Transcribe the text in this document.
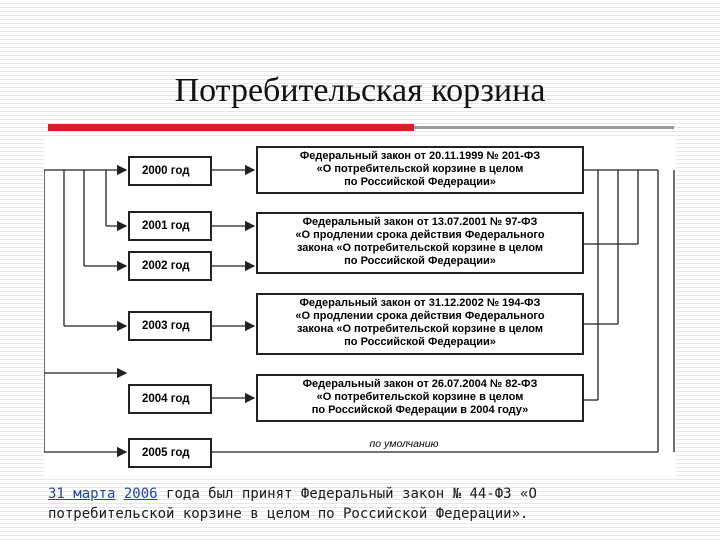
Потребительская корзина
2000 год
2001 год
2002 год
2003 год
2004 год
2005 год
Федеральный закон от 20.11.1999 № 201-ФЗ
«О потребительской корзине в целом
по Российской Федерации»
Федеральный закон от 13.07.2001 № 97-ФЗ
«О продлении срока действия Федерального
закона «О потребительской корзине в целом
по Российской Федерации»
Федеральный закон от 31.12.2002 № 194-ФЗ
«О продлении срока действия Федерального
закона «О потребительской корзине в целом
по Российской Федерации»
Федеральный закон от 26.07.2004 № 82-ФЗ
«О потребительской корзине в целом
по Российской Федерации в 2004 году»
по умолчанию
31 марта 2006 года был принят Федеральный закон № 44-ФЗ «О
потребительской корзине в целом по Российской Федерации».
